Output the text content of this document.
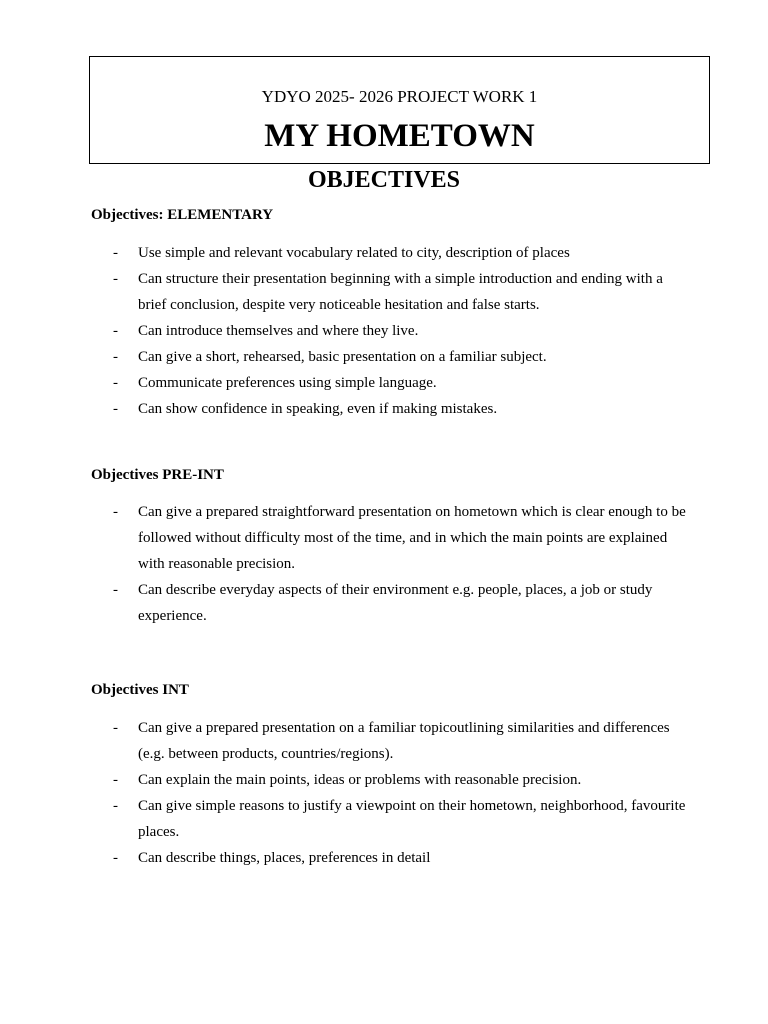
YDYO 2025- 2026 PROJECT WORK 1
MY HOMETOWN
OBJECTIVES
Objectives: ELEMENTARY
- Use simple and relevant vocabulary related to city, description of places
- Can structure their presentation beginning with a simple introduction and ending with a brief conclusion, despite very noticeable hesitation and false starts.
- Can introduce themselves and where they live.
- Can give a short, rehearsed, basic presentation on a familiar subject.
- Communicate preferences using simple language.
- Can show confidence in speaking, even if making mistakes.
Objectives PRE-INT
- Can give a prepared straightforward presentation on hometown which is clear enough to be followed without difficulty most of the time, and in which the main points are explained with reasonable precision.
- Can describe everyday aspects of their environment e.g. people, places, a job or study experience.
Objectives INT
- Can give a prepared presentation on a familiar topicoutlining similarities and differences (e.g. between products, countries/regions).
- Can explain the main points, ideas or problems with reasonable precision.
- Can give simple reasons to justify a viewpoint on their hometown, neighborhood, favourite places.
- Can describe things, places, preferences in detail
